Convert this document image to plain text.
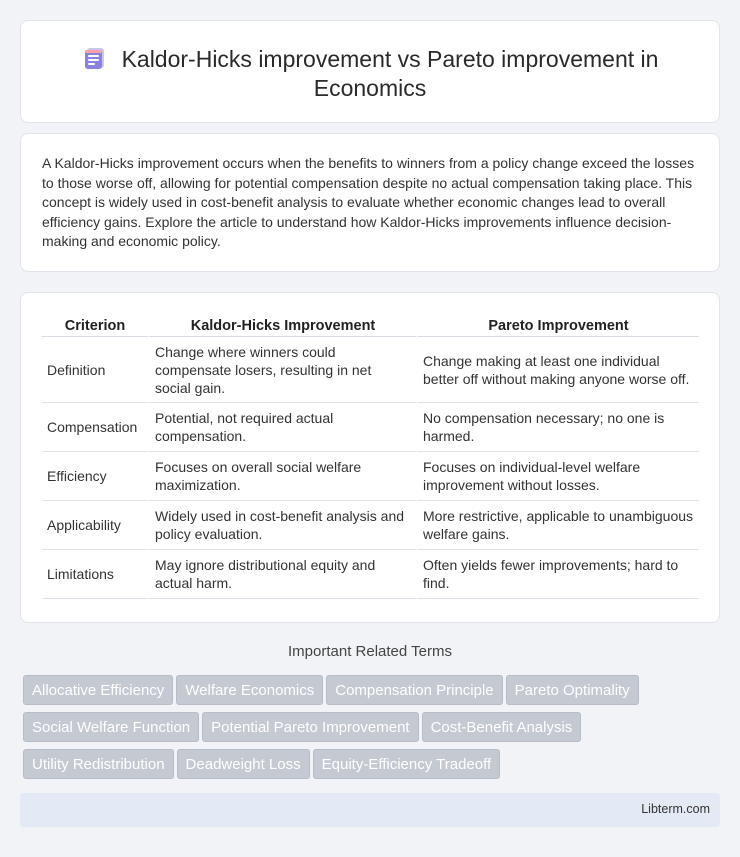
Kaldor-Hicks improvement vs Pareto improvement in Economics

A Kaldor-Hicks improvement occurs when the benefits to winners from a policy change exceed the losses to those worse off, allowing for potential compensation despite no actual compensation taking place. This concept is widely used in cost-benefit analysis to evaluate whether economic changes lead to overall efficiency gains. Explore the article to understand how Kaldor-Hicks improvements influence decision-making and economic policy.

Criterion	Kaldor-Hicks Improvement	Pareto Improvement
Definition	Change where winners could compensate losers, resulting in net social gain.	Change making at least one individual better off without making anyone worse off.
Compensation	Potential, not required actual compensation.	No compensation necessary; no one is harmed.
Efficiency	Focuses on overall social welfare maximization.	Focuses on individual-level welfare improvement without losses.
Applicability	Widely used in cost-benefit analysis and policy evaluation.	More restrictive, applicable to unambiguous welfare gains.
Limitations	May ignore distributional equity and actual harm.	Often yields fewer improvements; hard to find.
Important Related Terms
Allocative Efficiency Welfare Economics Compensation Principle Pareto Optimality
Social Welfare Function Potential Pareto Improvement Cost-Benefit Analysis
Utility Redistribution Deadweight Loss Equity-Efficiency Tradeoff
Libterm.com
